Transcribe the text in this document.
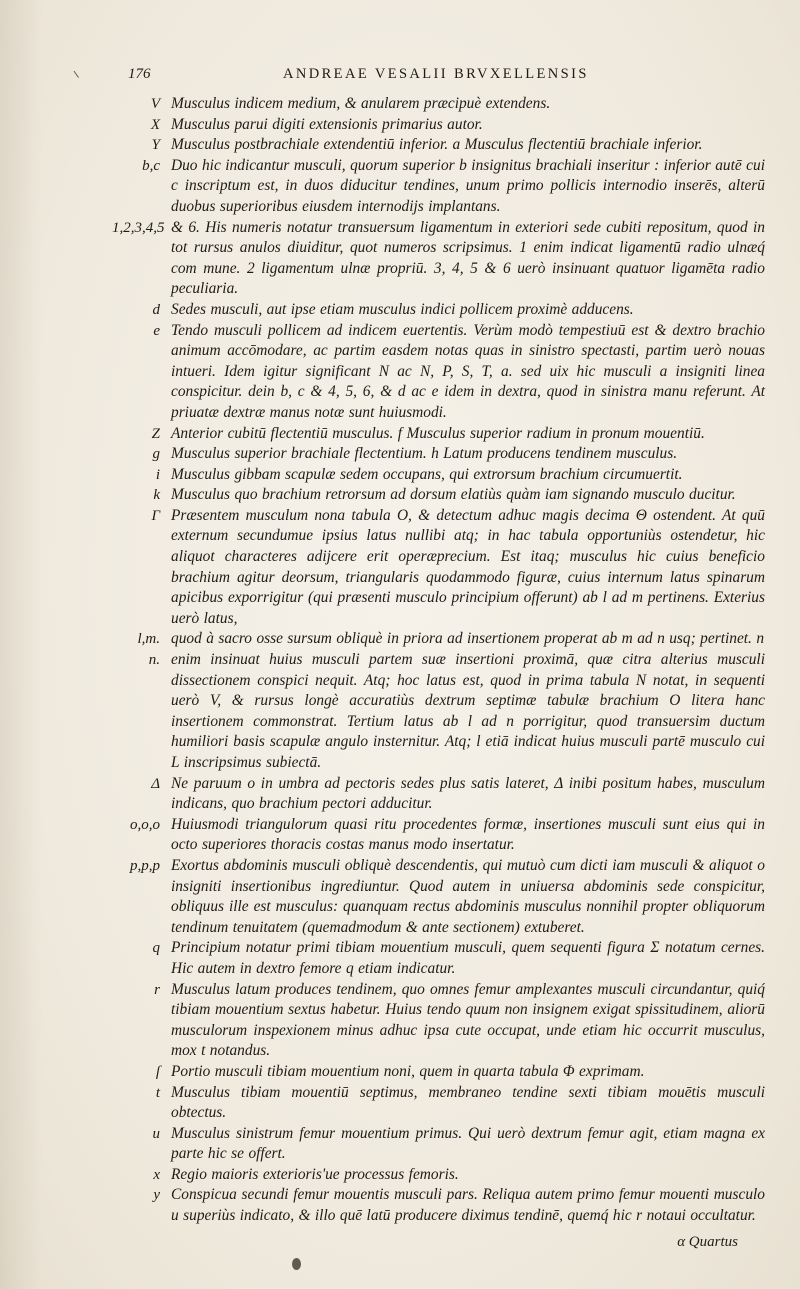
176	ANDREAE VESALII BRVXELLENSIS
V Musculus indicem medium, & anularem præcipuè extendens.
X Musculus parui digiti extensionis primarius autor.
Y Musculus postbrachiale extendentiū inferior. a Musculus flectentiū brachiale inferior.
b,c Duo hic indicantur musculi, quorum superior b insignitus brachiali inseritur : inferior autē cui c inscriptum est, in duos diducitur tendines, unum primo pollicis internodio inserēs, alterū duobus superioribus eiusdem internodijs implantans.
1,2,3,4,5 & 6. His numeris notatur transuersum ligamentum in exteriori sede cubiti repositum, quod in tot rursus anulos diuiditur, quot numeros scripsimus. 1 enim indicat ligamentū radio ulnæq́ com mune. 2 ligamentum ulnæ propriū. 3, 4, 5 & 6 uerò insinuant quatuor ligamēta radio peculiaria.
d Sedes musculi, aut ipse etiam musculus indici pollicem proximè adducens.
e Tendo musculi pollicem ad indicem euertentis. Verùm modò tempestiuū est & dextro brachio animum accōmodare, ac partim easdem notas quas in sinistro spectasti, partim uerò nouas intueri. Idem igitur significant N ac N, P, S, T, a. sed uix hic musculi a insigniti linea conspicitur. dein b, c & 4, 5, 6, & d ac e idem in dextra, quod in sinistra manu referunt. At priuatæ dextræ manus notæ sunt huiusmodi.
Z Anterior cubitū flectentiū musculus. f Musculus superior radium in pronum mouentiū.
g Musculus superior brachiale flectentium. h Latum producens tendinem musculus.
i Musculus gibbam scapulæ sedem occupans, qui extrorsum brachium circumuertit.
k Musculus quo brachium retrorsum ad dorsum elatiùs quàm iam signando musculo ducitur.
Γ Præsentem musculum nona tabula O, & detectum adhuc magis decima Θ ostendent. At quū externum secundumue ipsius latus nullibi atq; in hac tabula opportuniùs ostendetur, hic aliquot characteres adijcere erit operæprecium. Est itaq; musculus hic cuius beneficio brachium agitur deorsum, triangularis quodammodo figuræ, cuius internum latus spinarum apicibus exporrigitur (qui præsenti musculo principium offerunt) ab l ad m pertinens. Exterius uerò latus,
l,m. quod à sacro osse sursum obliquè in priora ad insertionem properat ab m ad n usq; pertinet. n
n. enim insinuat huius musculi partem suæ insertioni proximā, quæ citra alterius musculi dissectionem conspici nequit. Atq; hoc latus est, quod in prima tabula N notat, in sequenti uerò V, & rursus longè accuratiùs dextrum septimæ tabulæ brachium O litera hanc insertionem commonstrat. Tertium latus ab l ad n porrigitur, quod transuersim ductum humiliori basis scapulæ angulo insternitur. Atq; l etiā indicat huius musculi partē musculo cui L inscripsimus subiectā.
Δ Ne paruum o in umbra ad pectoris sedes plus satis lateret, Δ inibi positum habes, musculum indicans, quo brachium pectori adducitur.
o,o,o Huiusmodi triangulorum quasi ritu procedentes formæ, insertiones musculi sunt eius qui in octo superiores thoracis costas manus modo insertatur.
p,p,p Exortus abdominis musculi obliquè descendentis, qui mutuò cum dicti iam musculi & aliquot o insigniti insertionibus ingrediuntur. Quod autem in uniuersa abdominis sede conspicitur, obliquus ille est musculus: quanquam rectus abdominis musculus nonnihil propter obliquorum tendinum tenuitatem (quemadmodum & ante sectionem) extuberet.
q Principium notatur primi tibiam mouentium musculi, quem sequenti figura Σ notatum cernes. Hic autem in dextro femore q etiam indicatur.
r Musculus latum produces tendinem, quo omnes femur amplexantes musculi circundantur, quiq́ tibiam mouentium sextus habetur. Huius tendo quum non insignem exigat spissitudinem, aliorū musculorum inspexionem minus adhuc ipsa cute occupat, unde etiam hic occurrit musculus, mox t notandus.
ſ Portio musculi tibiam mouentium noni, quem in quarta tabula Φ exprimam.
t Musculus tibiam mouentiū septimus, membraneo tendine sexti tibiam mouētis musculi obtectus.
u Musculus sinistrum femur mouentium primus. Qui uerò dextrum femur agit, etiam magna ex parte hic se offert.
x Regio maioris exterioris'ue processus femoris.
y Conspicua secundi femur mouentis musculi pars. Reliqua autem primo femur mouenti musculo u superiùs indicato, & illo quē latū producere diximus tendinē, quemq́ hic r notaui occultatur.
α Quartus
